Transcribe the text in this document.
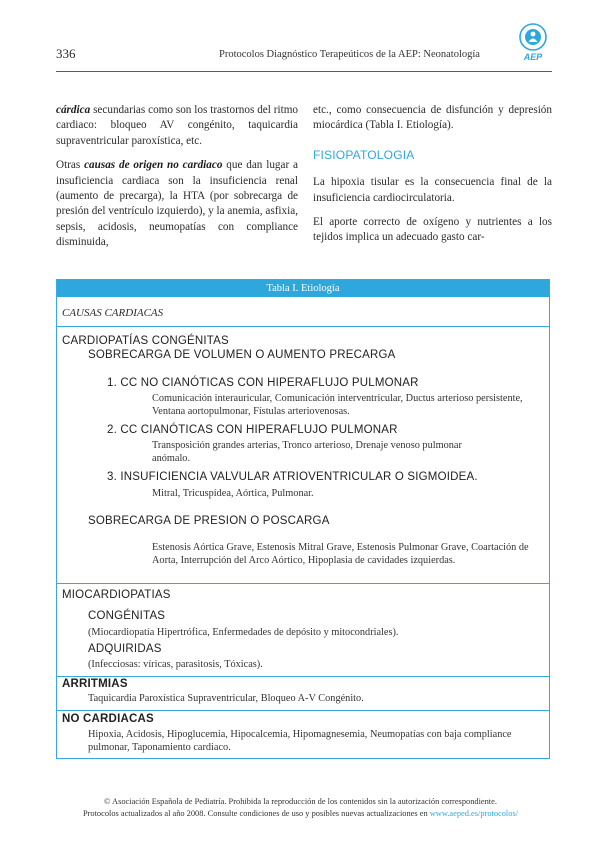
336	Protocolos Diagnóstico Terapeúticos de la AEP: Neonatología	AEP

cárdica secundarias como son los trastornos del ritmo cardiaco: bloqueo AV congénito, taquicardia supraventricular paroxística, etc.

Otras causas de origen no cardiaco que dan lugar a insuficiencia cardiaca son la insuficiencia renal (aumento de precarga), la HTA (por sobrecarga de presión del ventrículo izquierdo), y la anemia, asfixia, sepsis, acidosis, neumopatías con compliance disminuida,

etc., como consecuencia de disfunción y depresión miocárdica (Tabla I. Etiología).

FISIOPATOLOGIA

La hipoxia tisular es la consecuencia final de la insuficiencia cardiocirculatoria.

El aporte correcto de oxígeno y nutrientes a los tejidos implica un adecuado gasto car-

Tabla I. Etiología
CAUSAS CARDIACAS
CARDIOPATÍAS CONGÉNITAS
SOBRECARGA DE VOLUMEN O AUMENTO PRECARGA
1. CC NO CIANÓTICAS CON HIPERAFLUJO PULMONAR
Comunicación interauricular, Comunicación interventricular, Ductus arterioso persistente, Ventana aortopulmonar, Fístulas arteriovenosas.
2. CC CIANÓTICAS CON HIPERAFLUJO PULMONAR
Transposición grandes arterias, Tronco arterioso, Drenaje venoso pulmonar anómalo.
3. INSUFICIENCIA VALVULAR ATRIOVENTRICULAR O SIGMOIDEA.
Mitral, Tricuspídea, Aórtica, Pulmonar.
SOBRECARGA DE PRESION O POSCARGA
Estenosis Aórtica Grave, Estenosis Mitral Grave, Estenosis Pulmonar Grave, Coartación de Aorta, Interrupción del Arco Aórtico, Hipoplasia de cavidades izquierdas.
MIOCARDIOPATIAS
CONGÉNITAS
(Miocardiopatía Hipertrófica, Enfermedades de depósito y mitocondriales).
ADQUIRIDAS
(Infecciosas: víricas, parasitosis, Tóxicas).
ARRITMIAS
Taquicardia Paroxística Supraventricular, Bloqueo A-V Congénito.
NO CARDIACAS
Hipoxia, Acidosis, Hipoglucemia, Hipocalcemia, Hipomagnesemia, Neumopatías con baja compliance pulmonar, Taponamiento cardiaco.
© Asociación Española de Pediatría. Prohibida la reproducción de los contenidos sin la autorización correspondiente.
Protocolos actualizados al año 2008. Consulte condiciones de uso y posibles nuevas actualizaciones en www.aeped.es/protocolos/
